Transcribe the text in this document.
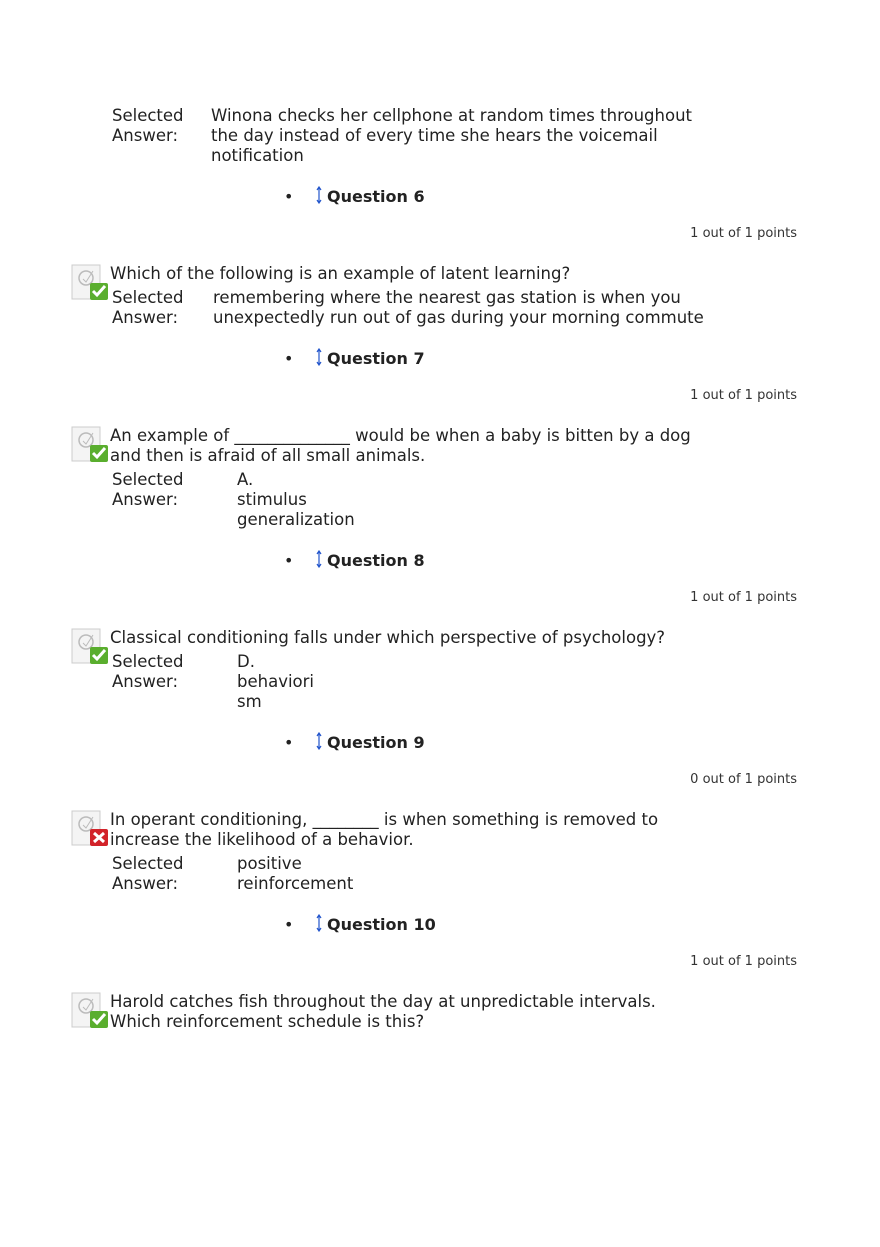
Selected
Answer:
Winona checks her cellphone at random times throughout
the day instead of every time she hears the voicemail
notification
• Question 6
1 out of 1 points
Which of the following is an example of latent learning?
Selected
Answer:
remembering where the nearest gas station is when you
unexpectedly run out of gas during your morning commute
• Question 7
1 out of 1 points
An example of ______________ would be when a baby is bitten by a dog
and then is afraid of all small animals.
Selected
Answer:
A.
stimulus
generalization
• Question 8
1 out of 1 points
Classical conditioning falls under which perspective of psychology?
Selected
Answer:
D.
behaviori
sm
• Question 9
0 out of 1 points
In operant conditioning, ________ is when something is removed to
increase the likelihood of a behavior.
Selected
Answer:
positive
reinforcement
• Question 10
1 out of 1 points
Harold catches fish throughout the day at unpredictable intervals.
Which reinforcement schedule is this?
